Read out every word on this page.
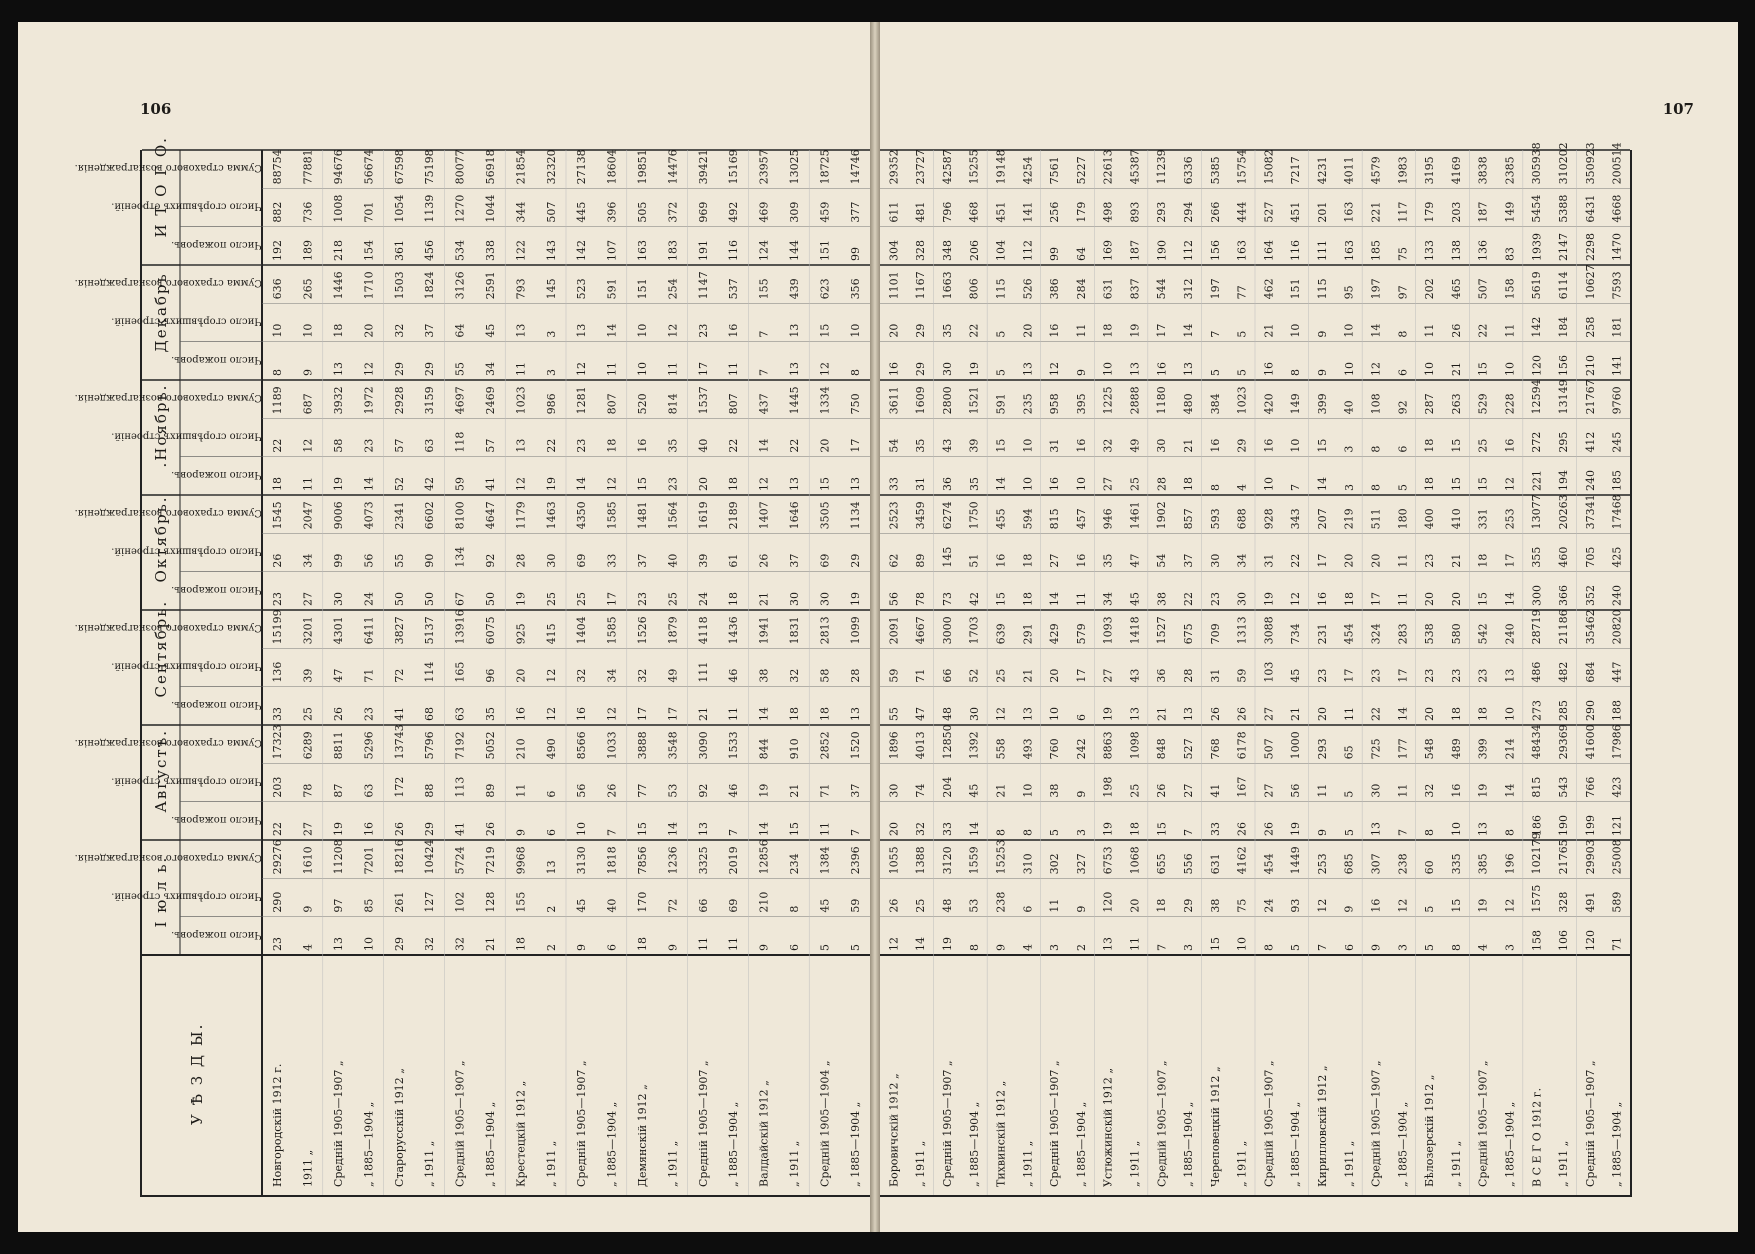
106
І ю л ь.
Число пожаровъ.
Число сгорѣвшихъ строеній.
Сумма страхового вознагражденія.
Августъ.
Число пожаровъ.
Число сгорѣвшихъ строеній.
Сумма страхового вознагражденія.
Сентябрь.
Число пожаровъ.
Число сгорѣвшихъ строеній.
Сумма страхового вознагражденія.
Октябрь.
Число пожаровъ.
Число сгорѣвшихъ строеній.
Сумма страхового вознагражденія.
.Ноябрь.
Число пожаровъ.
Число сгорѣвшихъ строеній.
Сумма страхового вознагражденія.
Декабрь
Число пожаровъ.
Число сгорѣвшихъ строеній.
Сумма страхового вознагражденія.
И Т О Г О.
Число пожаровъ.
Число сгорѣвшихъ строеній.
Сумма страхового вознагражденія.
У Ѣ З Д Ы.
23
290
29276
22
203
17323
33
136
15199
23
26
1545
18
22
1189
8
10
636
192
882
88754
Новгородскій 1912 г.
4
9
1610
27
78
6289
25
39
3201
27
34
2047
11
12
687
9
10
265
189
736
77881
1911 „
13
97
11208
19
87
8811
26
47
4301
30
99
9006
19
58
3932
13
18
1446
218
1008
94676
Средній 1905—1907 „
10
85
7201
16
63
5296
23
71
6411
24
56
4073
14
23
1972
12
20
1710
154
701
56674
„ 1885—1904 „
29
261
18216
26
172
13743
41
72
3827
50
55
2341
52
57
2928
29
32
1503
361
1054
67598
Старорусскій 1912 „
32
127
10424
29
88
5796
68
114
5137
50
90
6602
42
63
3159
29
37
1824
456
1139
75198
„ 1911 „
32
102
5724
41
113
7192
63
165
13916
67
134
8100
59
118
4697
55
64
3126
534
1270
80077
Средній 1905—1907 „
21
128
7219
26
89
5052
35
96
6075
50
92
4647
41
57
2469
34
45
2591
338
1044
56918
„ 1885—1904 „
18
155
9968
9
11
210
16
20
925
19
28
1179
12
13
1023
11
13
793
122
344
21854
Крестецкій 1912 „
2
2
13
6
6
490
12
12
415
25
30
1463
19
22
986
3
3
145
143
507
32320
„ 1911 „
9
45
3130
10
56
8566
16
32
1404
25
69
4350
14
23
1281
12
13
523
142
445
27138
Средній 1905—1907 „
6
40
1818
7
26
1033
12
34
1585
17
33
1585
12
18
807
11
14
591
107
396
18604
„ 1885—1904 „
18
170
7856
15
77
3888
17
32
1526
23
37
1481
15
16
520
10
10
151
163
505
19851
Демянскій 1912 „
9
72
1236
14
53
3548
17
49
1879
25
40
1564
23
35
814
11
12
254
183
372
14476
„ 1911 „
11
66
3325
13
92
3090
21
111
4118
24
39
1619
20
40
1537
17
23
1147
191
969
39421
Средній 1905—1907 „
11
69
2019
7
46
1533
11
46
1436
18
61
2189
18
22
807
11
16
537
116
492
15169
„ 1885—1904 „
9
210
12856
14
19
844
14
38
1941
21
26
1407
12
14
437
7
7
155
124
469
23957
Валдайскій 1912 „
6
8
234
15
21
910
18
32
1831
30
37
1646
13
22
1445
13
13
439
144
309
13025
„ 1911 „
5
45
1384
11
71
2852
18
58
2813
30
69
3505
15
20
1334
12
15
623
151
459
18725
Средній 1905—1904 „
5
59
2396
7
37
1520
13
28
1099
19
29
1134
13
17
750
8
10
356
99
377
14746
„ 1885—1904 „
107
12
26
1055
20
30
1896
55
59
2091
56
62
2523
33
54
3611
16
20
1101
304
611
29352
Боровичскій 1912 „
14
25
1388
32
74
4013
47
71
4667
78
89
3459
31
35
1609
29
29
1167
328
481
23727
„ 1911 „
19
48
3120
33
204
12850
48
66
3000
73
145
6274
36
43
2800
30
35
1663
348
796
42587
Средній 1905—1907 „
8
53
1559
14
45
1392
30
52
1703
42
51
1750
35
39
1521
19
22
806
206
468
15255
„ 1885—1904 „
9
238
15253
8
21
558
12
25
639
15
16
455
14
15
591
5
5
115
104
451
19148
Тихвинскій 1912 „
4
6
310
8
10
493
13
21
291
18
18
594
10
10
235
13
20
526
112
141
4254
„ 1911 „
3
11
302
5
38
760
10
20
429
14
27
815
16
31
958
12
16
386
99
256
7561
Средній 1905—1907 „
2
9
327
3
9
242
6
17
579
11
16
457
10
16
395
9
11
284
64
179
5227
„ 1885—1904 „
13
120
6753
19
198
8863
19
27
1093
34
35
946
27
32
1225
10
18
631
169
498
22613
Устюжинскій 1912 „
11
20
1068
18
25
1098
13
43
1418
45
47
1461
25
49
2888
13
19
837
187
893
45387
„ 1911 „
7
18
655
15
26
848
21
36
1527
38
54
1902
28
30
1180
16
17
544
190
293
11239
Средній 1905—1907 „
3
29
556
7
27
527
13
28
675
22
37
857
18
21
480
13
14
312
112
294
6336
„ 1885—1904 „
15
38
631
33
41
768
26
31
709
23
30
593
8
16
384
5
7
197
156
266
5385
Череповецкій 1912 „
10
75
4162
26
167
6178
26
59
1313
30
34
688
4
29
1023
5
5
77
163
444
15754
„ 1911 „
8
24
454
26
27
507
27
103
3088
19
31
928
10
16
420
16
21
462
164
527
15082
Средній 1905—1907 „
5
93
1449
19
56
1000
21
45
734
12
22
343
7
10
149
8
10
151
116
451
7217
„ 1885—1904 „
7
12
253
9
11
293
20
23
231
16
17
207
14
15
399
9
9
115
111
201
4231
Кирилловскій 1912 „
6
9
685
5
5
65
11
17
454
18
20
219
3
3
40
10
10
95
163
163
4011
„ 1911 „
9
16
307
13
30
725
22
23
324
17
20
511
8
8
108
12
14
197
185
221
4579
Средній 1905—1907 „
3
12
238
7
11
177
14
17
283
11
11
180
5
6
92
6
8
97
75
117
1983
„ 1885—1904 „
5
5
60
8
32
548
20
23
538
20
23
400
18
18
287
10
11
202
133
179
3195
Бѣлозерскій 1912 „
8
15
335
10
16
489
18
23
580
20
21
410
15
15
263
21
26
465
138
203
4169
„ 1911 „
4
19
385
13
19
399
18
23
542
15
18
331
15
25
529
15
22
507
136
187
3838
Средній 1905—1907 „
3
12
196
8
14
214
10
13
240
14
17
253
12
16
228
10
11
158
83
149
2385
„ 1885—1904 „
158
1575
102179
186
815
48434
273
486
28719
300
355
13077
221
272
12594
120
142
5619
1939
5454
305938
В С Е Г О 1912 г.
106
328
21765
190
543
29369
285
482
21186
366
460
20263
194
295
13149
156
184
6114
2147
5388
310202
„ 1911 „
120
491
29903
199
766
41600
290
684
35462
352
705
37341
240
412
21767
210
258
10627
2298
6431
350923
Средній 1905—1907 „
71
589
25008
121
423
17986
188
447
20820
240
425
17468
185
245
9760
141
181
7593
1470
4668
200514
„ 1885—1904 „
